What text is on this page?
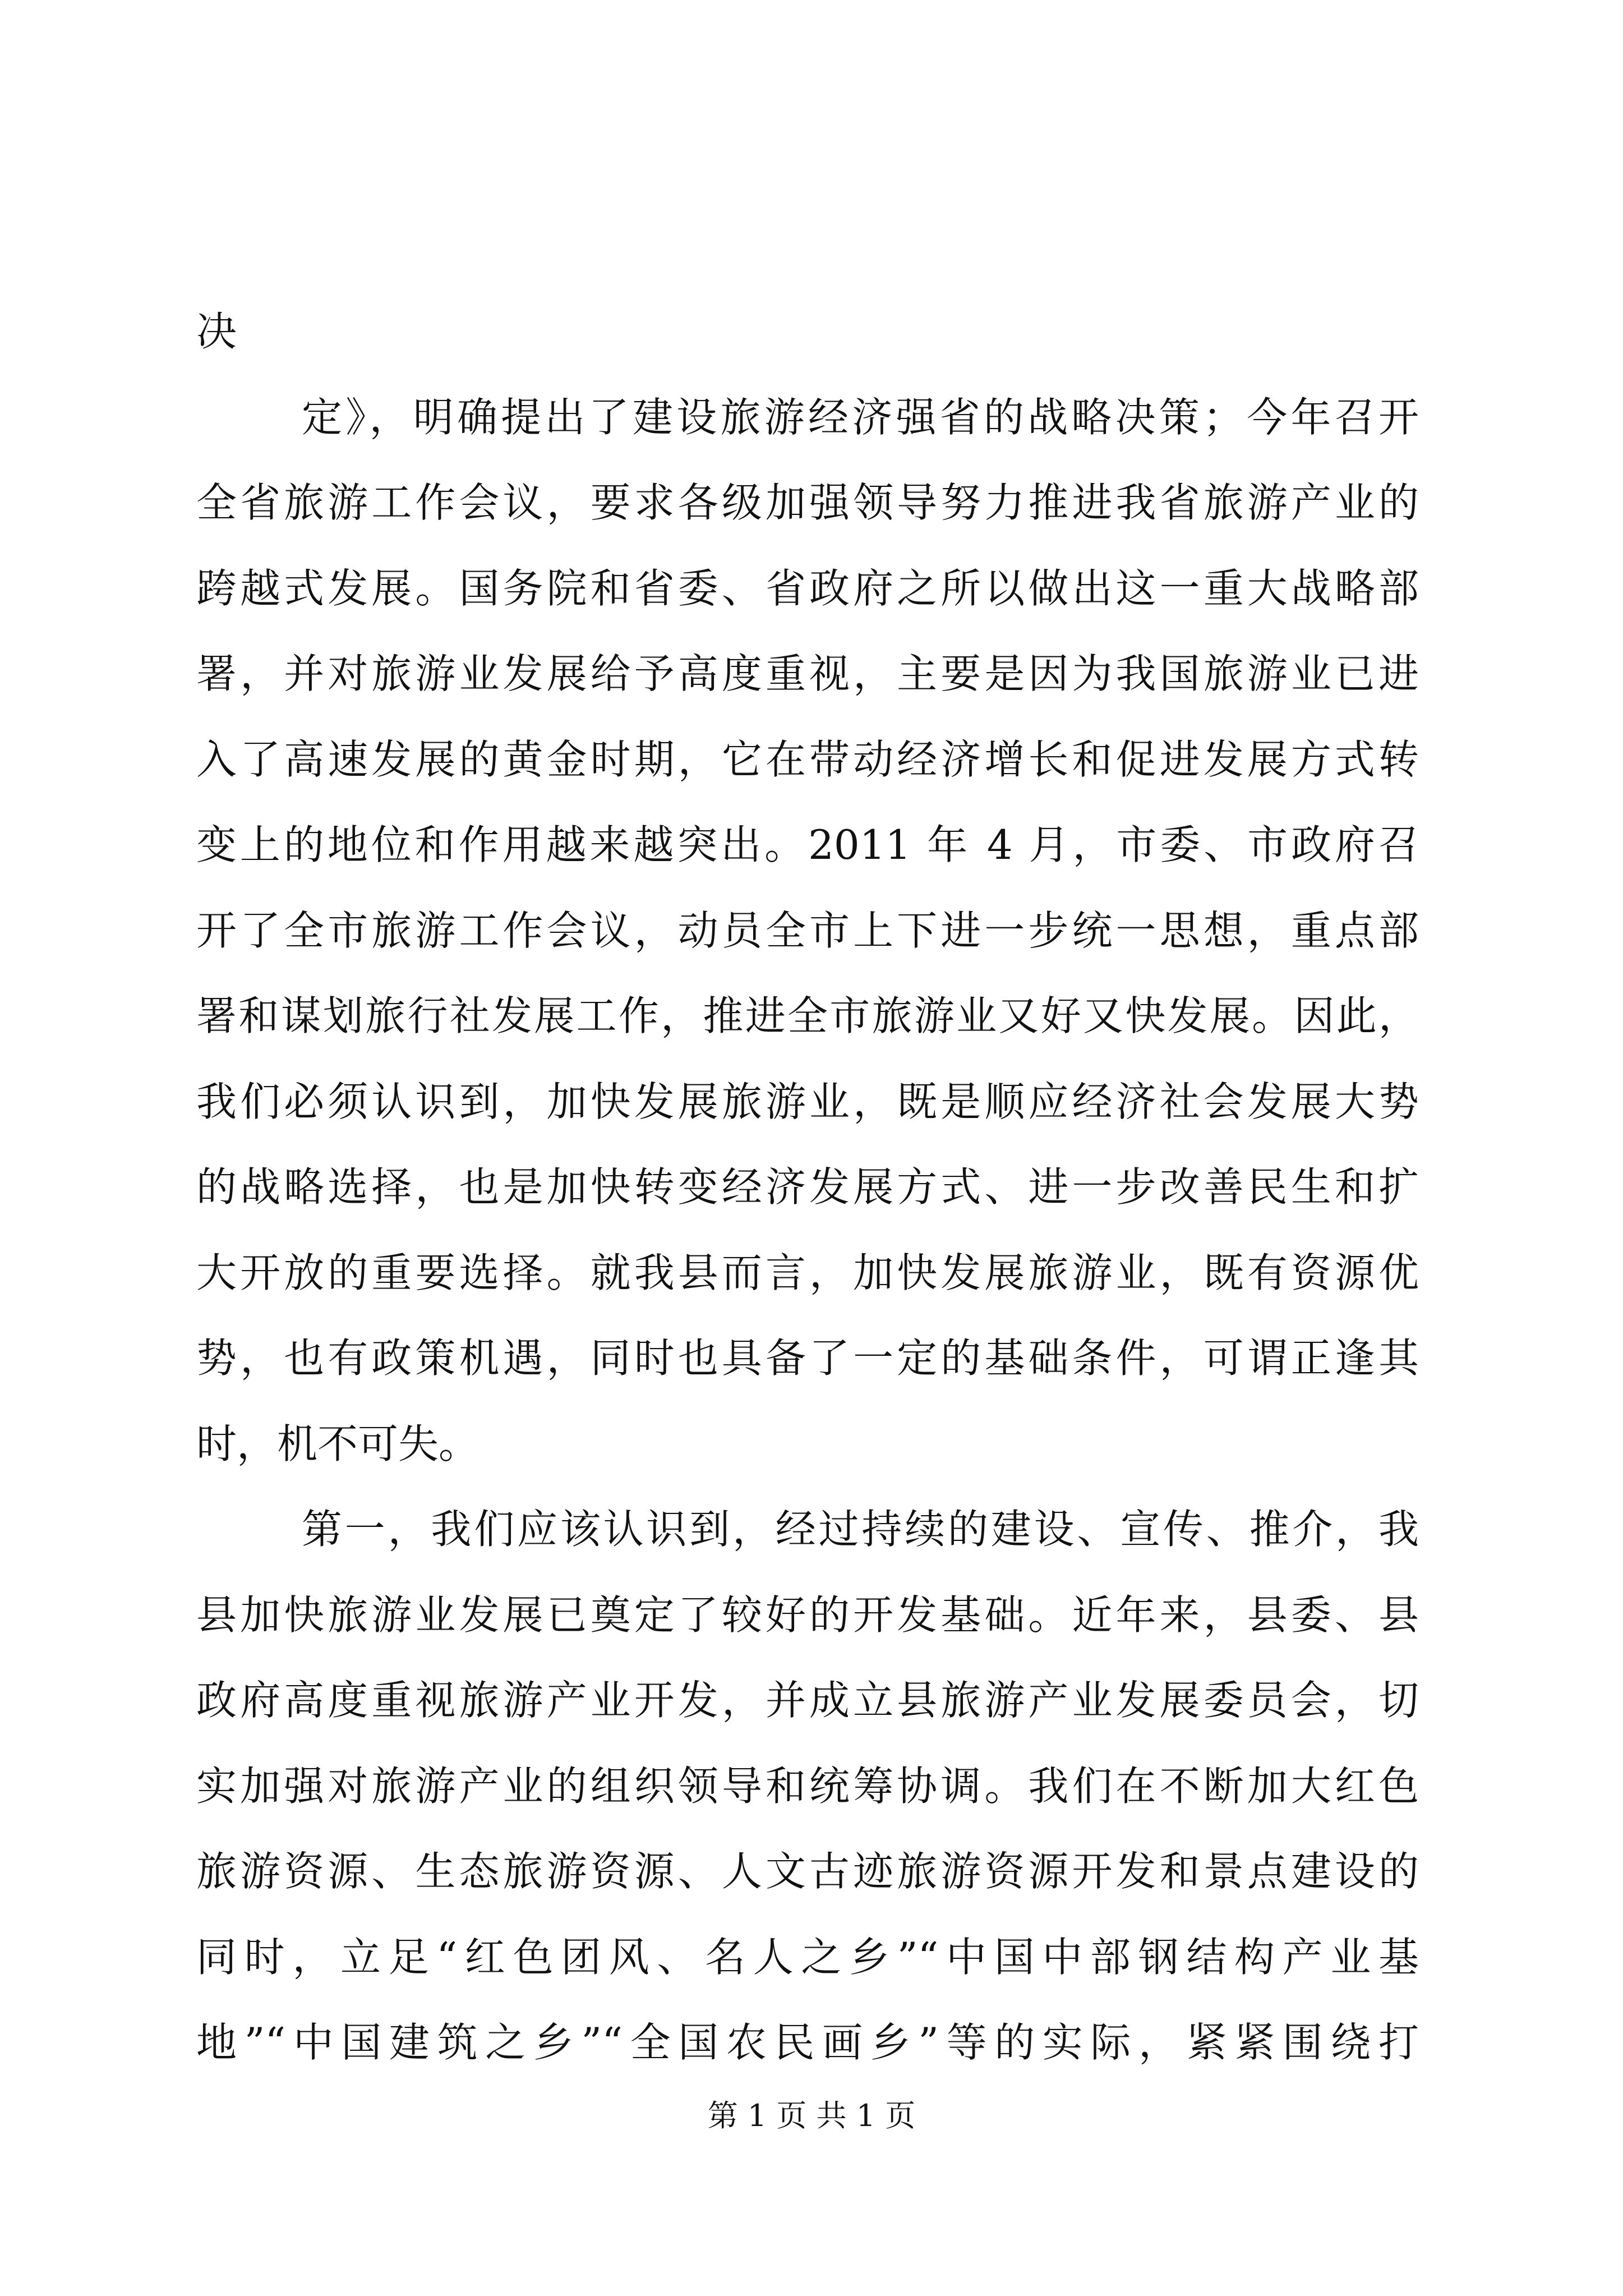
决
定》，明确提出了建设旅游经济强省的战略决策；今年召开
全省旅游工作会议，要求各级加强领导努力推进我省旅游产业的
跨越式发展。国务院和省委、省政府之所以做出这一重大战略部
署，并对旅游业发展给予高度重视，主要是因为我国旅游业已进
入了高速发展的黄金时期，它在带动经济增长和促进发展方式转
变上的地位和作用越来越突出。2011 年 4 月，市委、市政府召
开了全市旅游工作会议，动员全市上下进一步统一思想，重点部
署和谋划旅行社发展工作，推进全市旅游业又好又快发展。因此，
我们必须认识到，加快发展旅游业，既是顺应经济社会发展大势
的战略选择，也是加快转变经济发展方式、进一步改善民生和扩
大开放的重要选择。就我县而言，加快发展旅游业，既有资源优
势，也有政策机遇，同时也具备了一定的基础条件，可谓正逢其
时，机不可失。
第一，我们应该认识到，经过持续的建设、宣传、推介，我
县加快旅游业发展已奠定了较好的开发基础。近年来，县委、县
政府高度重视旅游产业开发，并成立县旅游产业发展委员会，切
实加强对旅游产业的组织领导和统筹协调。我们在不断加大红色
旅游资源、生态旅游资源、人文古迹旅游资源开发和景点建设的
同时，立足“红色团风、名人之乡”“中国中部钢结构产业基
地”“中国建筑之乡”“全国农民画乡”等的实际，紧紧围绕打
第 1 页 共 1 页
